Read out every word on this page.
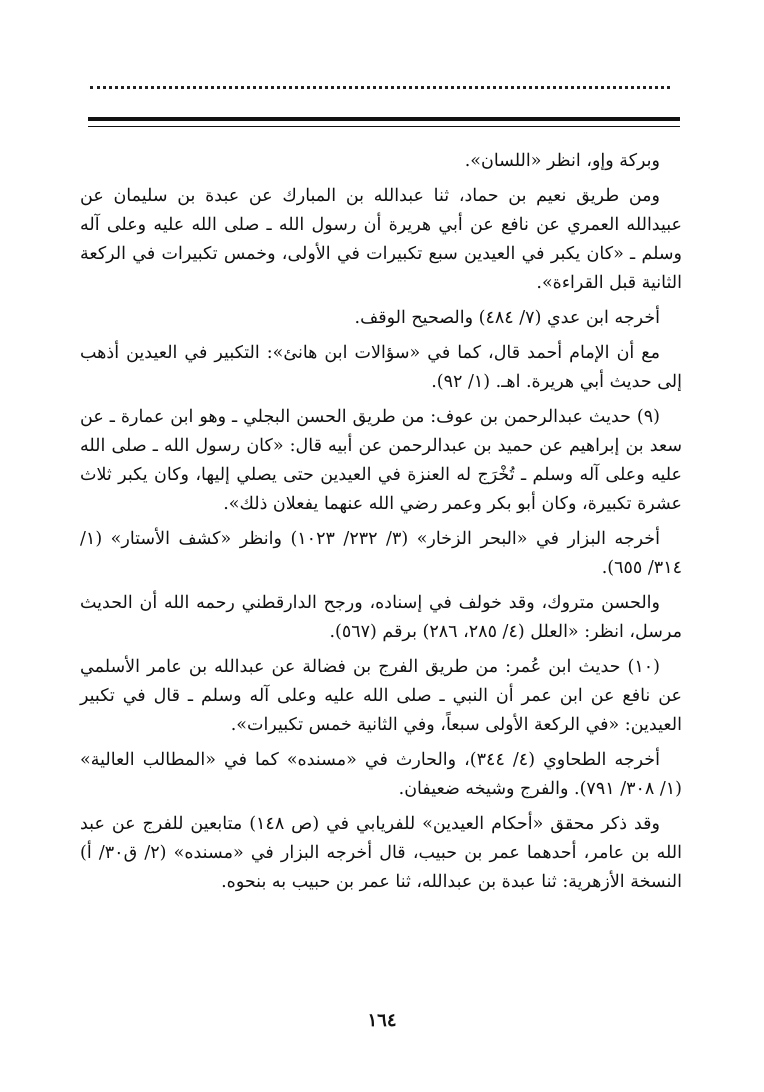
وبركة وإو، انظر «اللسان».

ومن طريق نعيم بن حماد، ثنا عبدالله بن المبارك عن عبدة بن سليمان عن عبيدالله العمري عن نافع عن أبي هريرة أن رسول الله ـ صلى الله عليه وعلى آله وسلم ـ «كان يكبر في العيدين سبع تكبيرات في الأولى، وخمس تكبيرات في الركعة الثانية قبل القراءة».

أخرجه ابن عدي (٧/ ٤٨٤) والصحيح الوقف.

مع أن الإمام أحمد قال، كما في «سؤالات ابن هانئ»: التكبير في العيدين أذهب إلى حديث أبي هريرة. اهـ. (١/ ٩٢).

(٩) حديث عبدالرحمن بن عوف: من طريق الحسن البجلي ـ وهو ابن عمارة ـ عن سعد بن إبراهيم عن حميد بن عبدالرحمن عن أبيه قال: «كان رسول الله ـ صلى الله عليه وعلى آله وسلم ـ تُخْرَج له العنزة في العيدين حتى يصلي إليها، وكان يكبر ثلاث عشرة تكبيرة، وكان أبو بكر وعمر رضي الله عنهما يفعلان ذلك».

أخرجه البزار في «البحر الزخار» (٣/ ٢٣٢/ ١٠٢٣) وانظر «كشف الأستار» (١/ ٣١٤/ ٦٥٥).

والحسن متروك، وقد خولف في إسناده، ورجح الدارقطني رحمه الله أن الحديث مرسل، انظر: «العلل (٤/ ٢٨٥، ٢٨٦) برقم (٥٦٧).

(١٠) حديث ابن عُمر: من طريق الفرج بن فضالة عن عبدالله بن عامر الأسلمي عن نافع عن ابن عمر أن النبي ـ صلى الله عليه وعلى آله وسلم ـ قال في تكبير العيدين: «في الركعة الأولى سبعاً، وفي الثانية خمس تكبيرات».

أخرجه الطحاوي (٤/ ٣٤٤)، والحارث في «مسنده» كما في «المطالب العالية» (١/ ٣٠٨/ ٧٩١). والفرج وشيخه ضعيفان.

وقد ذكر محقق «أحكام العيدين» للفريابي في (ص ١٤٨) متابعين للفرج عن عبد الله بن عامر، أحدهما عمر بن حبيب، قال أخرجه البزار في «مسنده» (٢/ ق٣٠/ أ) النسخة الأزهرية: ثنا عبدة بن عبدالله، ثنا عمر بن حبيب به بنحوه.

١٦٤
